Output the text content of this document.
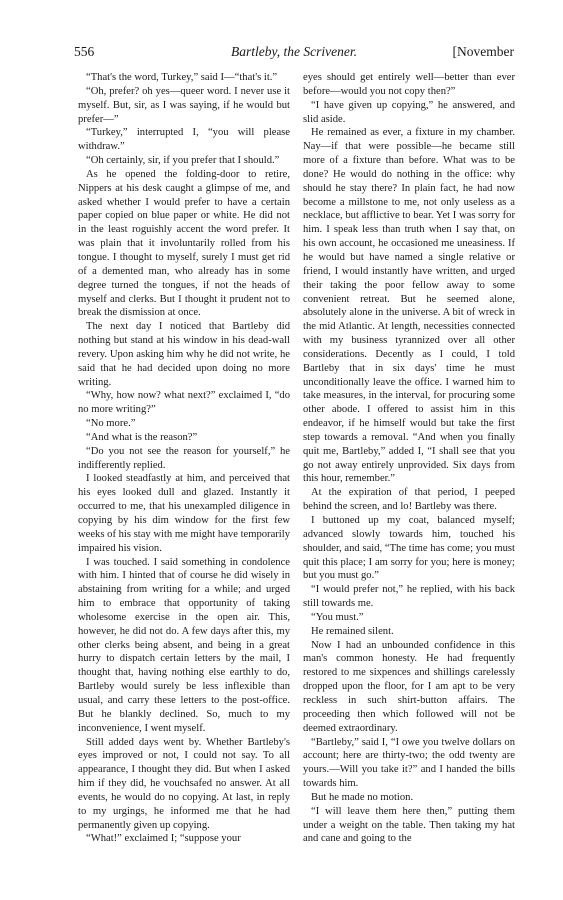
556	Bartleby, the Scrivener.	[November

“That's the word, Turkey,” said I—“that's it.”

“Oh, prefer? oh yes—queer word. I never use it myself. But, sir, as I was saying, if he would but prefer—”

“Turkey,” interrupted I, “you will please withdraw.”

“Oh certainly, sir, if you prefer that I should.”

As he opened the folding-door to retire, Nippers at his desk caught a glimpse of me, and asked whether I would prefer to have a certain paper copied on blue paper or white. He did not in the least roguishly accent the word prefer. It was plain that it involuntarily rolled from his tongue. I thought to myself, surely I must get rid of a demented man, who already has in some degree turned the tongues, if not the heads of myself and clerks. But I thought it prudent not to break the dismission at once.

The next day I noticed that Bartleby did nothing but stand at his window in his dead-wall revery. Upon asking him why he did not write, he said that he had decided upon doing no more writing.

“Why, how now? what next?” exclaimed I, “do no more writing?”

“No more.”

“And what is the reason?”

“Do you not see the reason for yourself,” he indifferently replied.

I looked steadfastly at him, and perceived that his eyes looked dull and glazed. Instantly it occurred to me, that his unexampled diligence in copying by his dim window for the first few weeks of his stay with me might have temporarily impaired his vision.

I was touched. I said something in condolence with him. I hinted that of course he did wisely in abstaining from writing for a while; and urged him to embrace that opportunity of taking wholesome exercise in the open air. This, however, he did not do. A few days after this, my other clerks being absent, and being in a great hurry to dispatch certain letters by the mail, I thought that, having nothing else earthly to do, Bartleby would surely be less inflexible than usual, and carry these letters to the post-office. But he blankly declined. So, much to my inconvenience, I went myself.

Still added days went by. Whether Bartleby's eyes improved or not, I could not say. To all appearance, I thought they did. But when I asked him if they did, he vouchsafed no answer. At all events, he would do no copying. At last, in reply to my urgings, he informed me that he had permanently given up copying.

“What!” exclaimed I; “suppose your

eyes should get entirely well—better than ever before—would you not copy then?”

“I have given up copying,” he answered, and slid aside.

He remained as ever, a fixture in my chamber. Nay—if that were possible—he became still more of a fixture than before. What was to be done? He would do nothing in the office: why should he stay there? In plain fact, he had now become a millstone to me, not only useless as a necklace, but afflictive to bear. Yet I was sorry for him. I speak less than truth when I say that, on his own account, he occasioned me uneasiness. If he would but have named a single relative or friend, I would instantly have written, and urged their taking the poor fellow away to some convenient retreat. But he seemed alone, absolutely alone in the universe. A bit of wreck in the mid Atlantic. At length, necessities connected with my business tyrannized over all other considerations. Decently as I could, I told Bartleby that in six days' time he must unconditionally leave the office. I warned him to take measures, in the interval, for procuring some other abode. I offered to assist him in this endeavor, if he himself would but take the first step towards a removal. “And when you finally quit me, Bartleby,” added I, “I shall see that you go not away entirely unprovided. Six days from this hour, remember.”

At the expiration of that period, I peeped behind the screen, and lo! Bartleby was there.

I buttoned up my coat, balanced myself; advanced slowly towards him, touched his shoulder, and said, “The time has come; you must quit this place; I am sorry for you; here is money; but you must go.”

“I would prefer not,” he replied, with his back still towards me.

“You must.”

He remained silent.

Now I had an unbounded confidence in this man's common honesty. He had frequently restored to me sixpences and shillings carelessly dropped upon the floor, for I am apt to be very reckless in such shirt-button affairs. The proceeding then which followed will not be deemed extraordinary.

“Bartleby,” said I, “I owe you twelve dollars on account; here are thirty-two; the odd twenty are yours.—Will you take it?” and I handed the bills towards him.

But he made no motion.

“I will leave them here then,” putting them under a weight on the table. Then taking my hat and cane and going to the
